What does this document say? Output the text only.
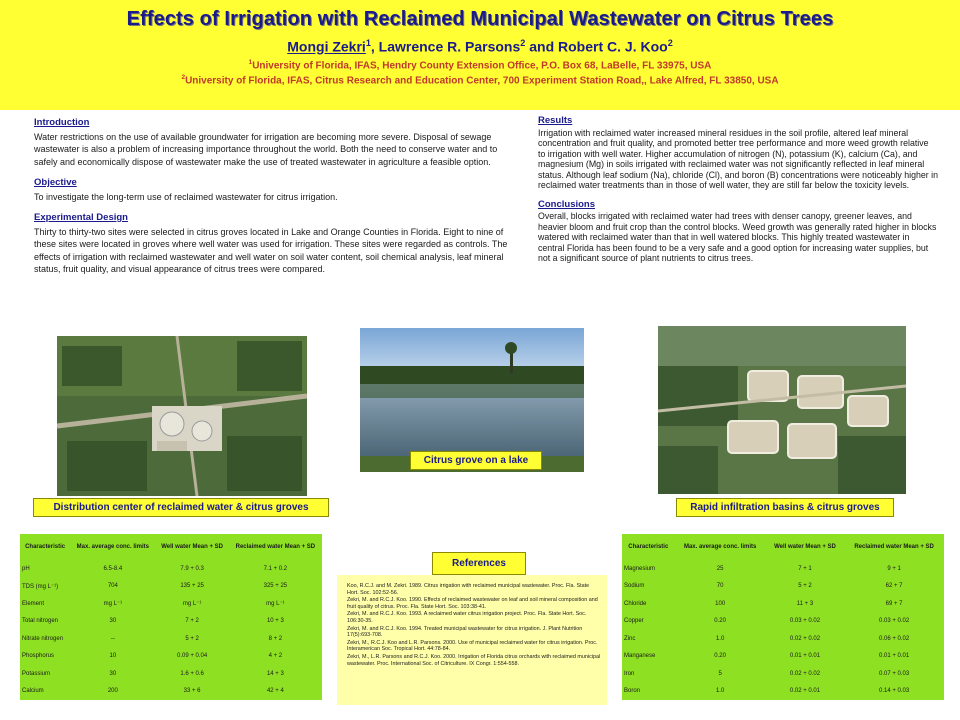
Effects of Irrigation with Reclaimed Municipal Wastewater on Citrus Trees
Mongi Zekri$^1$, Lawrence R. Parsons$^2$ and Robert C. J. Koo$^2$
$^1$University of Florida, IFAS, Hendry County Extension Office, P.O. Box 68, LaBelle, FL 33975, USA
$^2$University of Florida, IFAS, Citrus Research and Education Center, 700 Experiment Station Road,, Lake Alfred, FL 33850, USA
Introduction
Water restrictions on the use of available groundwater for irrigation are becoming more severe. Disposal of sewage wastewater is also a problem of increasing importance throughout the world. Both the need to conserve water and to safely and economically dispose of wastewater make the use of treated wastewater in agriculture a feasible option.
Objective
To investigate the long-term use of reclaimed wastewater for citrus irrigation.
Experimental Design
Thirty to thirty-two sites were selected in citrus groves located in Lake and Orange Counties in Florida. Eight to nine of these sites were located in groves where well water was used for irrigation. These sites were regarded as controls. The effects of irrigation with reclaimed wastewater and well water on soil water content, soil chemical analysis, leaf mineral status, fruit quality, and visual appearance of citrus trees were compared.
Results
Irrigation with reclaimed water increased mineral residues in the soil profile, altered leaf mineral concentration and fruit quality, and promoted better tree performance and more weed growth relative to irrigation with well water. Higher accumulation of nitrogen (N), potassium (K), calcium (Ca), and magnesium (Mg) in soils irrigated with reclaimed water was not significantly reflected in leaf mineral status. Although leaf sodium (Na), chloride (Cl), and boron (B) concentrations were noticeably higher in reclaimed water treatments than in those of well water, they are still far below the toxicity levels.
Conclusions
Overall, blocks irrigated with reclaimed water had trees with denser canopy, greener leaves, and heavier bloom and fruit crop than the control blocks. Weed growth was generally rated higher in blocks watered with reclaimed water than that in well watered blocks. This highly treated wastewater in central Florida has been found to be a very safe and a good option for increasing water supplies, but not a significant source of plant nutrients to citrus trees.
Distribution center of reclaimed water & citrus groves
Citrus grove on a lake
Rapid infiltration basins & citrus groves
Characteristic	Max. average conc. limits	Well water Mean + SD	Reclaimed water Mean + SD
pH	6.5-8.4	7.9 + 0.3	7.1 + 0.2
TDS (mg L⁻¹)	704	135 + 25	325 + 25
Element	mg L⁻¹	mg L⁻¹	mg L⁻¹
Total nitrogen	30	7 + 2	10 + 3
Nitrate nitrogen	--	5 + 2	8 + 2
Phosphorus	10	0.09 + 0.04	4 + 2
Potassium	30	1.6 + 0.6	14 + 3
Calcium	200	33 + 6	42 + 4
References
Koo, R.C.J. and M. Zekri. 1989. Citrus irrigation with reclaimed municipal wastewater. Proc. Fla. State Hort. Soc. 102:52-56.
Zekri, M. and R.C.J. Koo. 1990. Effects of reclaimed wastewater on leaf and soil mineral composition and fruit quality of citrus. Proc. Fla. State Hort. Soc. 103:38-41.
Zekri, M. and R.C.J. Koo. 1993. A reclaimed water citrus irrigation project. Proc. Fla. State Hort. Soc. 106:30-35.
Zekri, M. and R.C.J. Koo. 1994. Treated municipal wastewater for citrus irrigation. J. Plant Nutrition 17(5):693-708.
Zekri, M., R.C.J. Koo and L.R. Parsons. 2000. Use of municipal reclaimed water for citrus irrigation. Proc. Interamerican Soc. Tropical Hort. 44:78-84.
Zekri, M., L.R. Parsons and R.C.J. Koo. 2000. Irrigation of Florida citrus orchards with reclaimed municipal wastewater. Proc. International Soc. of Citriculture. IX Congr. 1:554-558.
Characteristic	Max. average conc. limits	Well water Mean + SD	Reclaimed water Mean + SD
Magnesium	25	7 + 1	9 + 1
Sodium	70	5 + 2	62 + 7
Chloride	100	11 + 3	69 + 7
Copper	0.20	0.03 + 0.02	0.03 + 0.02
Zinc	1.0	0.02 + 0.02	0.06 + 0.02
Manganese	0.20	0.01 + 0.01	0.01 + 0.01
Iron	5	0.02 + 0.02	0.07 + 0.03
Boron	1.0	0.02 + 0.01	0.14 + 0.03
